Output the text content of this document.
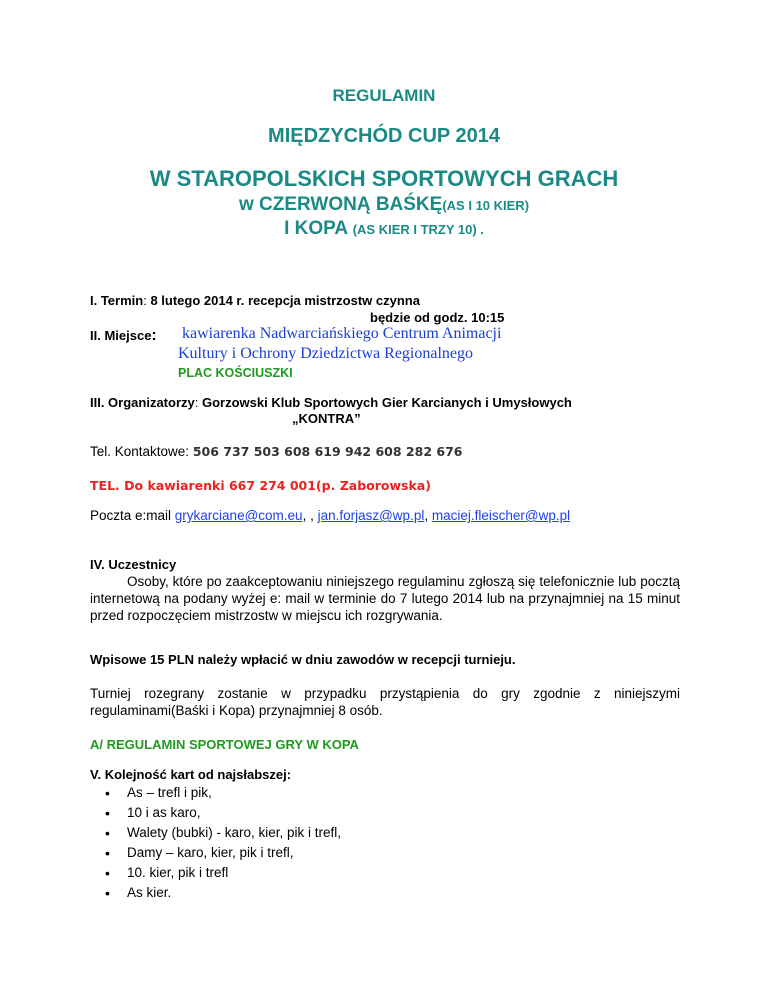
REGULAMIN
MIĘDZYCHÓD CUP 2014
W STAROPOLSKICH SPORTOWYCH GRACH
w CZERWONĄ BAŚKĘ(AS I 10 KIER)
I KOPA (AS KIER I TRZY 10) .
I. Termin: 8 lutego 2014 r. recepcja mistrzostw czynna
będzie od godz. 10:15
II. Miejsce: kawiarenka Nadwarciańskiego Centrum Animacji
Kultury i Ochrony Dziedzictwa Regionalnego
PLAC KOŚCIUSZKI
III. Organizatorzy: Gorzowski Klub Sportowych Gier Karcianych i Umysłowych
„KONTRA”
Tel. Kontaktowe: 506 737 503 608 619 942 608 282 676
TEL. Do kawiarenki 667 274 001(p. Zaborowska)
Poczta e:mail grykarciane@com.eu, , jan.forjasz@wp.pl, maciej.fleischer@wp.pl
IV. Uczestnicy
Osoby, które po zaakceptowaniu niniejszego regulaminu zgłoszą się telefonicznie lub pocztą internetową na podany wyżej e: mail w terminie do 7 lutego 2014 lub na przynajmniej na 15 minut przed rozpoczęciem mistrzostw w miejscu ich rozgrywania.
Wpisowe 15 PLN należy wpłacić w dniu zawodów w recepcji turnieju.
Turniej rozegrany zostanie w przypadku przystąpienia do gry zgodnie z niniejszymi regulaminami(Baśki i Kopa) przynajmniej 8 osób.
A/ REGULAMIN SPORTOWEJ GRY W KOPA
V. Kolejność kart od najsłabszej:
• As – trefl i pik,
• 10 i as karo,
• Walety (bubki) - karo, kier, pik i trefl,
• Damy – karo, kier, pik i trefl,
• 10. kier, pik i trefl
• As kier.
